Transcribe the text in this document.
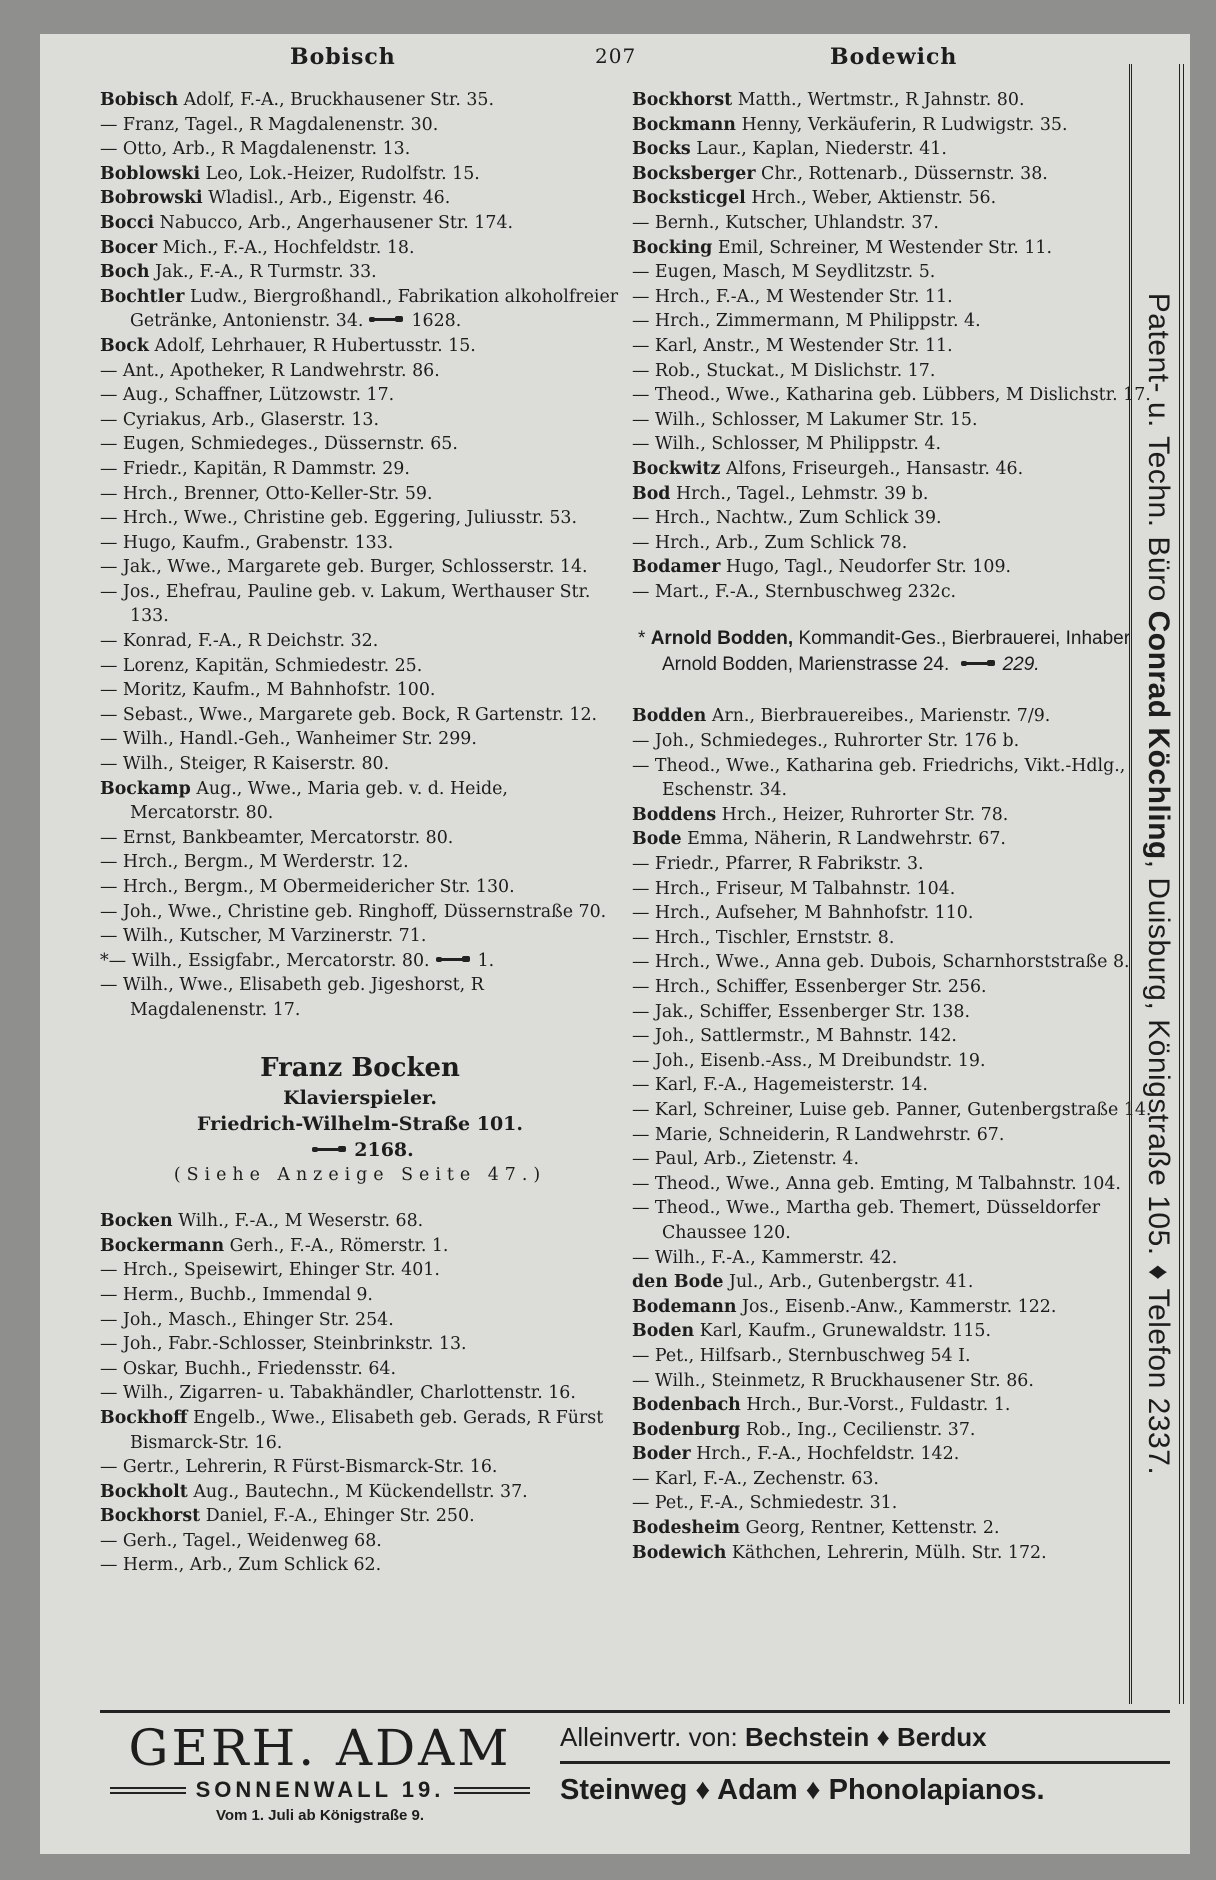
Bobisch	207	Bodewich
Bobisch Adolf, F.-A., Bruckhausener Str. 35.
— Franz, Tagel., R Magdalenenstr. 30.
— Otto, Arb., R Magdalenenstr. 13.
Boblowski Leo, Lok.-Heizer, Rudolfstr. 15.
Bobrowski Wladisl., Arb., Eigenstr. 46.
Bocci Nabucco, Arb., Angerhausener Str. 174.
Bocer Mich., F.-A., Hochfeldstr. 18.
Boch Jak., F.-A., R Turmstr. 33.
Bochtler Ludw., Biergroßhandl., Fabrikation alkoholfreier Getränke, Antonienstr. 34.	1628.
Bock Adolf, Lehrhauer, R Hubertusstr. 15.
— Ant., Apotheker, R Landwehrstr. 86.
— Aug., Schaffner, Lützowstr. 17.
— Cyriakus, Arb., Glaserstr. 13.
— Eugen, Schmiedeges., Düssernstr. 65.
— Friedr., Kapitän, R Dammstr. 29.
— Hrch., Brenner, Otto-Keller-Str. 59.
— Hrch., Wwe., Christine geb. Eggering, Juliusstr. 53.
— Hugo, Kaufm., Grabenstr. 133.
— Jak., Wwe., Margarete geb. Burger, Schlosserstr. 14.
— Jos., Ehefrau, Pauline geb. v. Lakum, Werthauser Str. 133.
— Konrad, F.-A., R Deichstr. 32.
— Lorenz, Kapitän, Schmiedestr. 25.
— Moritz, Kaufm., M Bahnhofstr. 100.
— Sebast., Wwe., Margarete geb. Bock, R Gartenstr. 12.
— Wilh., Handl.-Geh., Wanheimer Str. 299.
— Wilh., Steiger, R Kaiserstr. 80.
Bockamp Aug., Wwe., Maria geb. v. d. Heide, Mercatorstr. 80.
— Ernst, Bankbeamter, Mercatorstr. 80.
— Hrch., Bergm., M Werderstr. 12.
— Hrch., Bergm., M Obermeidericher Str. 130.
— Joh., Wwe., Christine geb. Ringhoff, Düssernstraße 70.
— Wilh., Kutscher, M Varzinerstr. 71.
*— Wilh., Essigfabr., Mercatorstr. 80.	1.
— Wilh., Wwe., Elisabeth geb. Jigeshorst, R Magdalenenstr. 17.
Franz Bocken
Klavierspieler.
Friedrich-Wilhelm-Straße 101.
2168.
(Siehe Anzeige Seite 47.)
Bocken Wilh., F.-A., M Weserstr. 68.
Bockermann Gerh., F.-A., Römerstr. 1.
— Hrch., Speisewirt, Ehinger Str. 401.
— Herm., Buchb., Immendal 9.
— Joh., Masch., Ehinger Str. 254.
— Joh., Fabr.-Schlosser, Steinbrinkstr. 13.
— Oskar, Buchh., Friedensstr. 64.
— Wilh., Zigarren- u. Tabakhändler, Charlottenstr. 16.
Bockhoff Engelb., Wwe., Elisabeth geb. Gerads, R Fürst Bismarck-Str. 16.
— Gertr., Lehrerin, R Fürst-Bismarck-Str. 16.
Bockholt Aug., Bautechn., M Kückendellstr. 37.
Bockhorst Daniel, F.-A., Ehinger Str. 250.
— Gerh., Tagel., Weidenweg 68.
— Herm., Arb., Zum Schlick 62.
Bockhorst Matth., Wertmstr., R Jahnstr. 80.
Bockmann Henny, Verkäuferin, R Ludwigstr. 35.
Bocks Laur., Kaplan, Niederstr. 41.
Bocksberger Chr., Rottenarb., Düssernstr. 38.
Bocksticgel Hrch., Weber, Aktienstr. 56.
— Bernh., Kutscher, Uhlandstr. 37.
Bocking Emil, Schreiner, M Westender Str. 11.
— Eugen, Masch, M Seydlitzstr. 5.
— Hrch., F.-A., M Westender Str. 11.
— Hrch., Zimmermann, M Philippstr. 4.
— Karl, Anstr., M Westender Str. 11.
— Rob., Stuckat., M Dislichstr. 17.
— Theod., Wwe., Katharina geb. Lübbers, M Dislichstr. 17.
— Wilh., Schlosser, M Lakumer Str. 15.
— Wilh., Schlosser, M Philippstr. 4.
Bockwitz Alfons, Friseurgeh., Hansastr. 46.
Bod Hrch., Tagel., Lehmstr. 39 b.
— Hrch., Nachtw., Zum Schlick 39.
— Hrch., Arb., Zum Schlick 78.
Bodamer Hugo, Tagl., Neudorfer Str. 109.
— Mart., F.-A., Sternbuschweg 232c.
* Arnold Bodden, Kommandit-Ges., Bierbrauerei, Inhaber Arnold Bodden, Marienstrasse 24.	229.
Bodden Arn., Bierbrauereibes., Marienstr. 7/9.
— Joh., Schmiedeges., Ruhrorter Str. 176 b.
— Theod., Wwe., Katharina geb. Friedrichs, Vikt.-Hdlg., Eschenstr. 34.
Boddens Hrch., Heizer, Ruhrorter Str. 78.
Bode Emma, Näherin, R Landwehrstr. 67.
— Friedr., Pfarrer, R Fabrikstr. 3.
— Hrch., Friseur, M Talbahnstr. 104.
— Hrch., Aufseher, M Bahnhofstr. 110.
— Hrch., Tischler, Ernststr. 8.
— Hrch., Wwe., Anna geb. Dubois, Scharnhorststraße 8.
— Hrch., Schiffer, Essenberger Str. 256.
— Jak., Schiffer, Essenberger Str. 138.
— Joh., Sattlermstr., M Bahnstr. 142.
— Joh., Eisenb.-Ass., M Dreibundstr. 19.
— Karl, F.-A., Hagemeisterstr. 14.
— Karl, Schreiner, Luise geb. Panner, Gutenbergstraße 14.
— Marie, Schneiderin, R Landwehrstr. 67.
— Paul, Arb., Zietenstr. 4.
— Theod., Wwe., Anna geb. Emting, M Talbahnstr. 104.
— Theod., Wwe., Martha geb. Themert, Düsseldorfer Chaussee 120.
— Wilh., F.-A., Kammerstr. 42.
den Bode Jul., Arb., Gutenbergstr. 41.
Bodemann Jos., Eisenb.-Anw., Kammerstr. 122.
Boden Karl, Kaufm., Grunewaldstr. 115.
— Pet., Hilfsarb., Sternbuschweg 54 I.
— Wilh., Steinmetz, R Bruckhausener Str. 86.
Bodenbach Hrch., Bur.-Vorst., Fuldastr. 1.
Bodenburg Rob., Ing., Cecilienstr. 37.
Boder Hrch., F.-A., Hochfeldstr. 142.
— Karl, F.-A., Zechenstr. 63.
— Pet., F.-A., Schmiedestr. 31.
Bodesheim Georg, Rentner, Kettenstr. 2.
Bodewich Käthchen, Lehrerin, Mülh. Str. 172.
Patent- u. Techn. Büro Conrad Köchling, Duisburg, Königstraße 105. ♦ Telefon 2337.
GERH. ADAM
SONNENWALL 19.
Vom 1. Juli ab Königstraße 9.
Alleinvertr. von: Bechstein ♦ Berdux
Steinweg ♦ Adam ♦ Phonolapianos.
